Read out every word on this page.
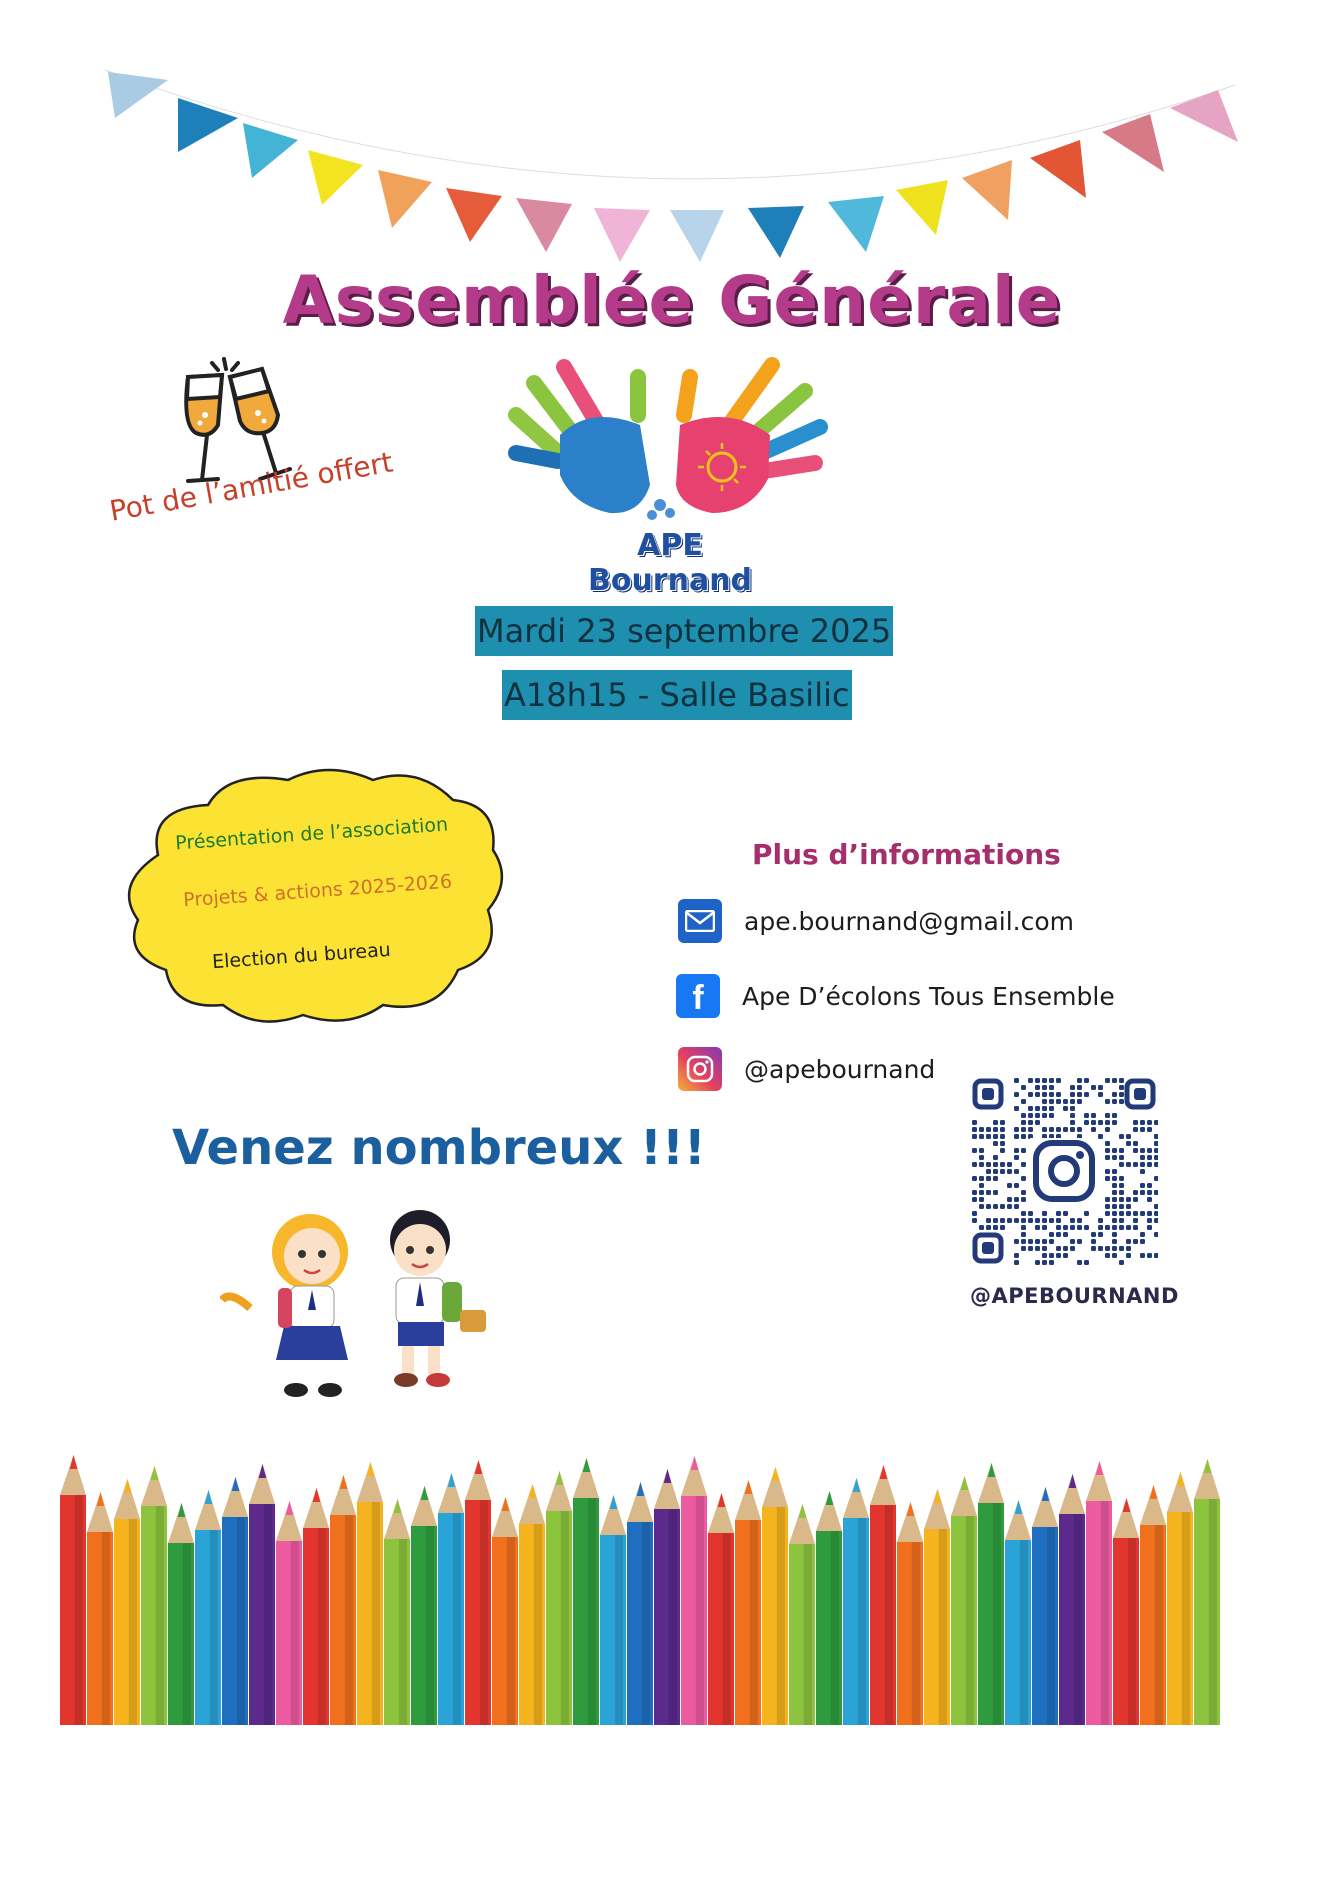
Assemblée Générale
Pot de l’amitié offert
APE Bournand
Mardi 23 septembre 2025
A18h15 - Salle Basilic
Présentation de l’association
Projets & actions 2025-2026
Election du bureau
Plus d’informations
ape.bournand@gmail.com
f	Ape D’écolons Tous Ensemble
@apebournand
@APEBOURNAND
Venez nombreux !!!
